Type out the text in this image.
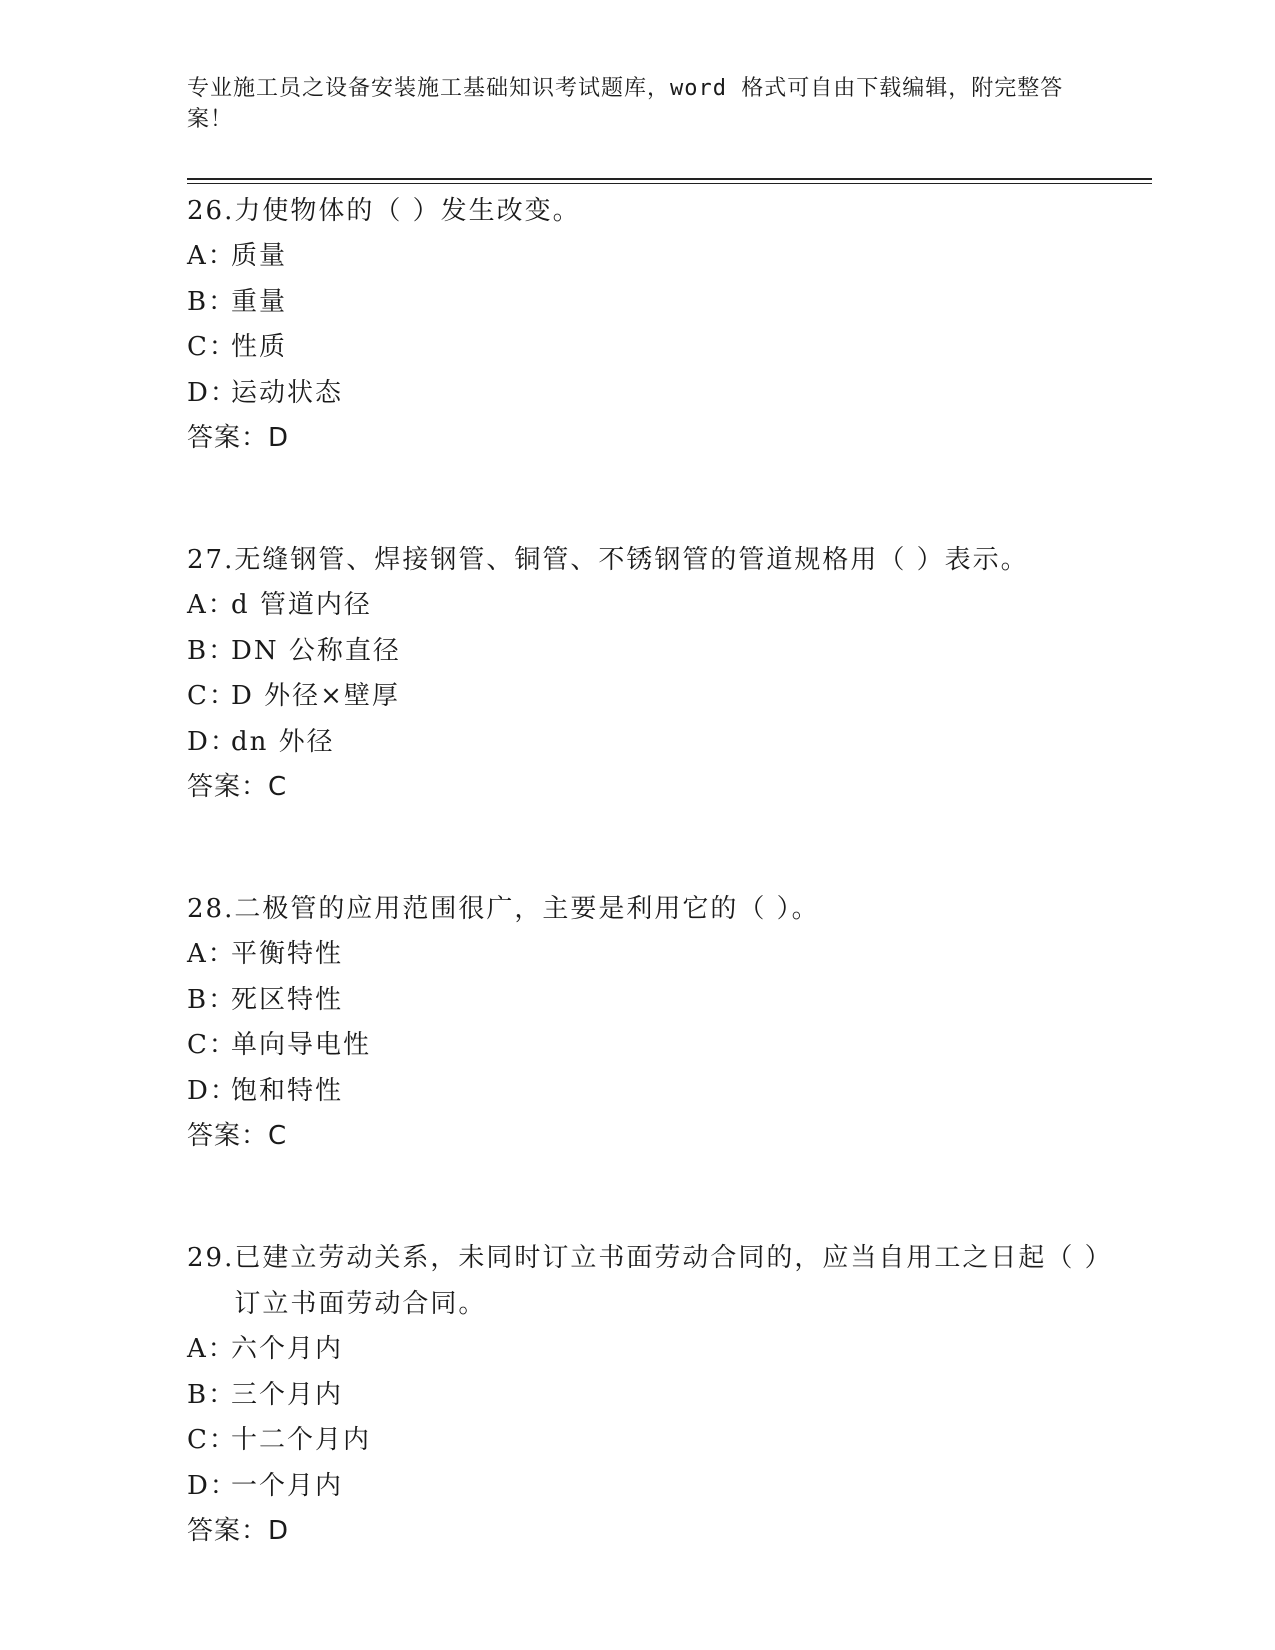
专业施工员之设备安装施工基础知识考试题库，word 格式可自由下载编辑，附完整答案！
26. 力使物体的（ ）发生改变。
A：质量
B：重量
C：性质
D：运动状态
答案：D
27. 无缝钢管、焊接钢管、铜管、不锈钢管的管道规格用（ ）表示。
A：d 管道内径
B：DN 公称直径
C：D 外径×壁厚
D：dn 外径
答案：C
28. 二极管的应用范围很广，主要是利用它的（ ）。
A：平衡特性
B：死区特性
C：单向导电性
D：饱和特性
答案：C
29. 已建立劳动关系，未同时订立书面劳动合同的，应当自用工之日起（ ）订立书面劳动合同。
A：六个月内
B：三个月内
C：十二个月内
D：一个月内
答案：D
